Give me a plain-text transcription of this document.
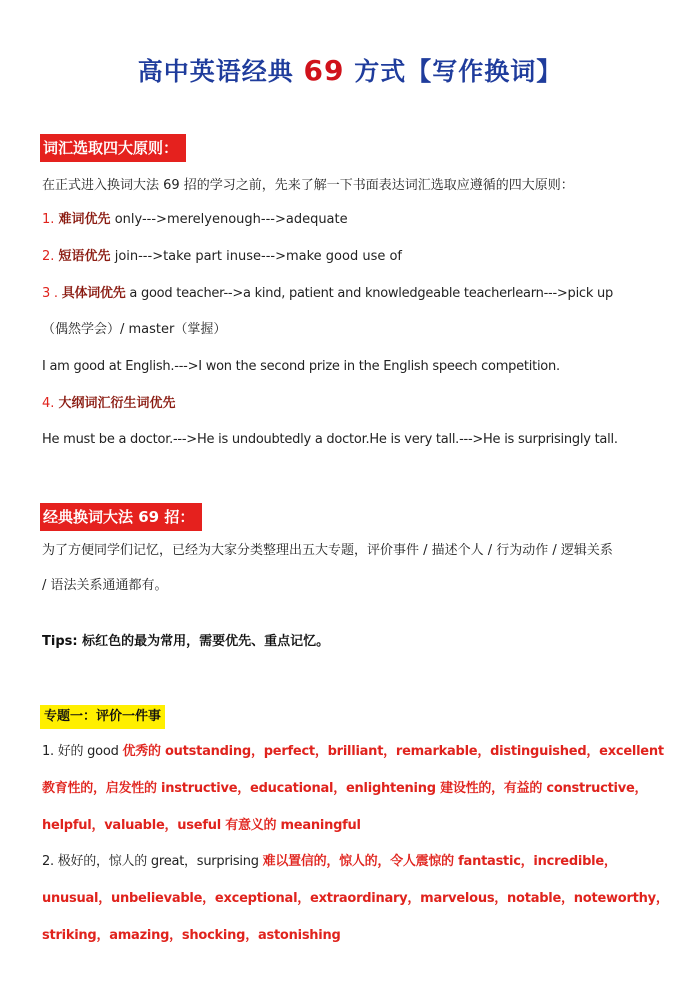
高中英语经典 69 方式【写作换词】
词汇选取四大原则：
在正式进入换词大法 69 招的学习之前，先来了解一下书面表达词汇选取应遵循的四大原则：
1. 难词优先 only--->merelyenough--->adequate
2. 短语优先 join--->take part inuse--->make good use of
3 . 具体词优先 a good teacher-->a kind, patient and knowledgeable teacherlearn--->pick up
（偶然学会）/ master（掌握）
I am good at English.--->I won the second prize in the English speech competition.
4. 大纲词汇衍生词优先
He must be a doctor.--->He is undoubtedly a doctor.He is very tall.--->He is surprisingly tall.
经典换词大法 69 招：
为了方便同学们记忆，已经为大家分类整理出五大专题，评价事件 / 描述个人 / 行为动作 / 逻辑关系
/ 语法关系通通都有。
Tips: 标红色的最为常用，需要优先、重点记忆。
专题一：评价一件事
1. 好的 good 优秀的 outstanding，perfect，brilliant，remarkable，distinguished，excellent
教育性的，启发性的 instructive，educational，enlightening 建设性的，有益的 constructive，
helpful，valuable，useful 有意义的 meaningful
2. 极好的，惊人的 great，surprising 难以置信的，惊人的，令人震惊的 fantastic，incredible，
unusual，unbelievable，exceptional，extraordinary，marvelous，notable，noteworthy，
striking，amazing，shocking，astonishing
